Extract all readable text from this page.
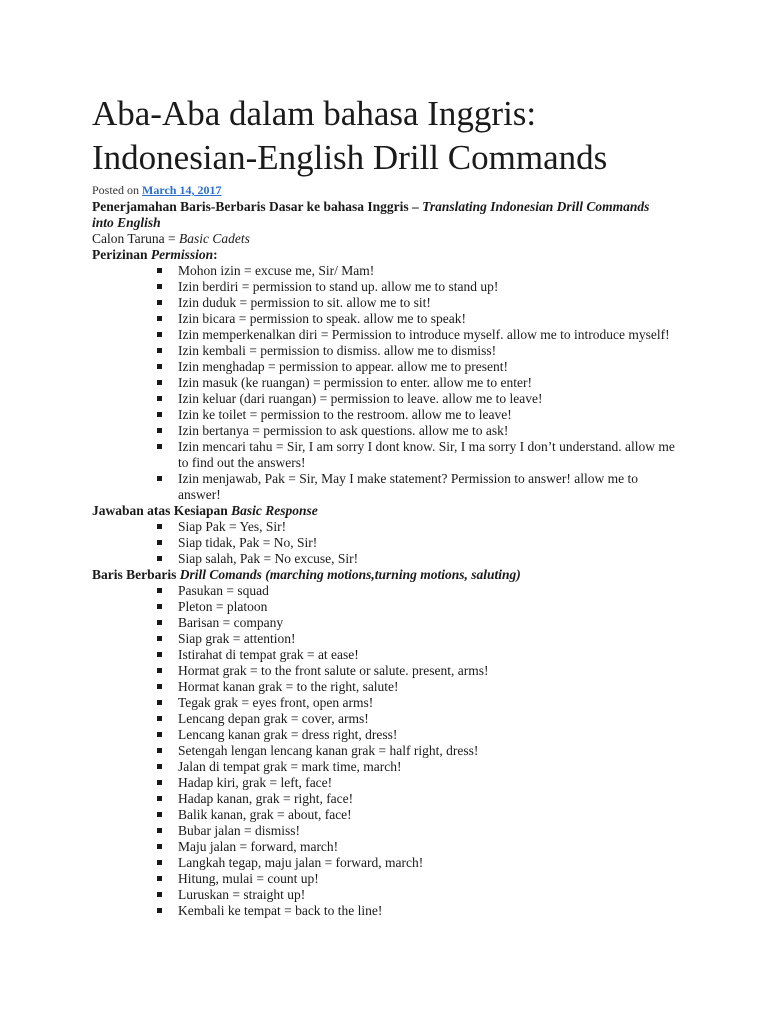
Aba-Aba dalam bahasa Inggris:
Indonesian-English Drill Commands
Posted on March 14, 2017
Penerjamahan Baris-Berbaris Dasar ke bahasa Inggris – Translating Indonesian Drill Commands into English
Calon Taruna = Basic Cadets
Perizinan Permission:
Mohon izin = excuse me, Sir/ Mam!
Izin berdiri = permission to stand up. allow me to stand up!
Izin duduk = permission to sit. allow me to sit!
Izin bicara = permission to speak. allow me to speak!
Izin memperkenalkan diri = Permission to introduce myself. allow me to introduce myself!
Izin kembali = permission to dismiss. allow me to dismiss!
Izin menghadap = permission to appear. allow me to present!
Izin masuk (ke ruangan) = permission to enter. allow me to enter!
Izin keluar (dari ruangan) = permission to leave. allow me to leave!
Izin ke toilet = permission to the restroom. allow me to leave!
Izin bertanya = permission to ask questions. allow me to ask!
Izin mencari tahu = Sir, I am sorry I dont know. Sir, I ma sorry I don’t understand. allow me to find out the answers!
Izin menjawab, Pak = Sir, May I make statement? Permission to answer! allow me to answer!
Jawaban atas Kesiapan Basic Response
Siap Pak = Yes, Sir!
Siap tidak, Pak = No, Sir!
Siap salah, Pak = No excuse, Sir!
Baris Berbaris Drill Comands (marching motions,turning motions, saluting)
Pasukan = squad
Pleton = platoon
Barisan = company
Siap grak = attention!
Istirahat di tempat grak = at ease!
Hormat grak = to the front salute or salute. present, arms!
Hormat kanan grak = to the right, salute!
Tegak grak = eyes front, open arms!
Lencang depan grak = cover, arms!
Lencang kanan grak = dress right, dress!
Setengah lengan lencang kanan grak = half right, dress!
Jalan di tempat grak = mark time, march!
Hadap kiri, grak = left, face!
Hadap kanan, grak = right, face!
Balik kanan, grak = about, face!
Bubar jalan = dismiss!
Maju jalan = forward, march!
Langkah tegap, maju jalan = forward, march!
Hitung, mulai = count up!
Luruskan = straight up!
Kembali ke tempat = back to the line!
